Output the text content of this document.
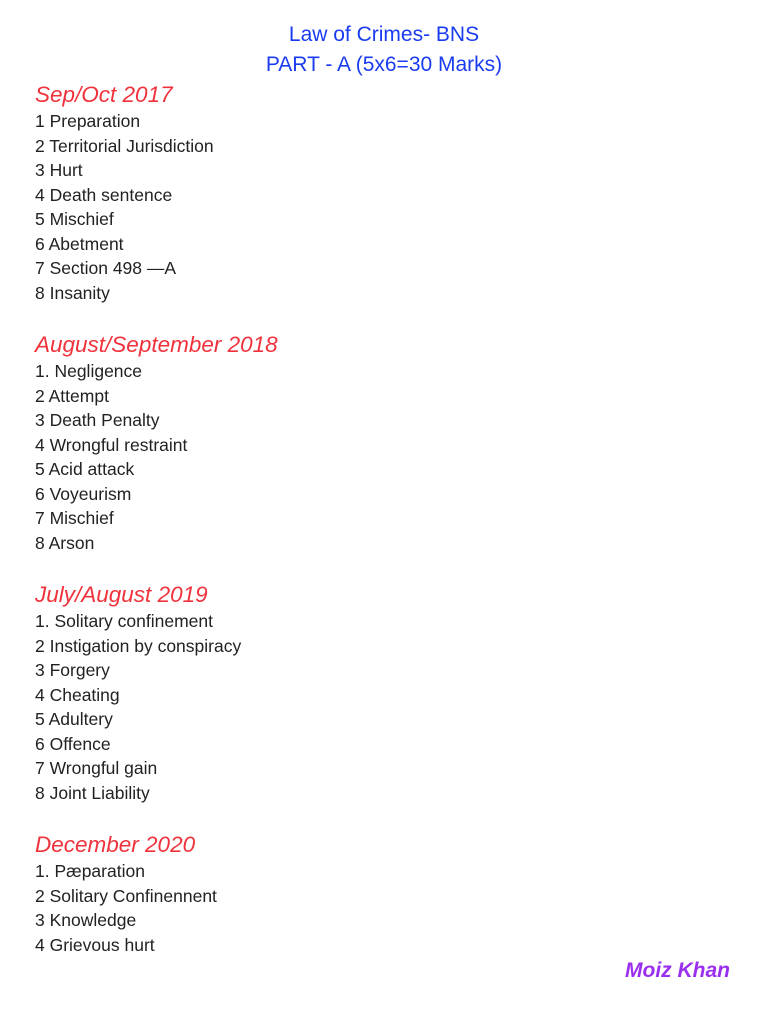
Law of Crimes- BNS
PART - A (5x6=30 Marks)
Sep/Oct 2017
1 Preparation
2 Territorial Jurisdiction
3 Hurt
4 Death sentence
5 Mischief
6 Abetment
7 Section 498 —A
8 Insanity
August/September 2018
1. Negligence
2 Attempt
3 Death Penalty
4 Wrongful restraint
5 Acid attack
6 Voyeurism
7 Mischief
8 Arson
July/August 2019
1. Solitary confinement
2 Instigation by conspiracy
3 Forgery
4 Cheating
5 Adultery
6 Offence
7 Wrongful gain
8 Joint Liability
December 2020
1. Pæparation
2 Solitary Confinennent
3 Knowledge
4 Grievous hurt
Moiz Khan
